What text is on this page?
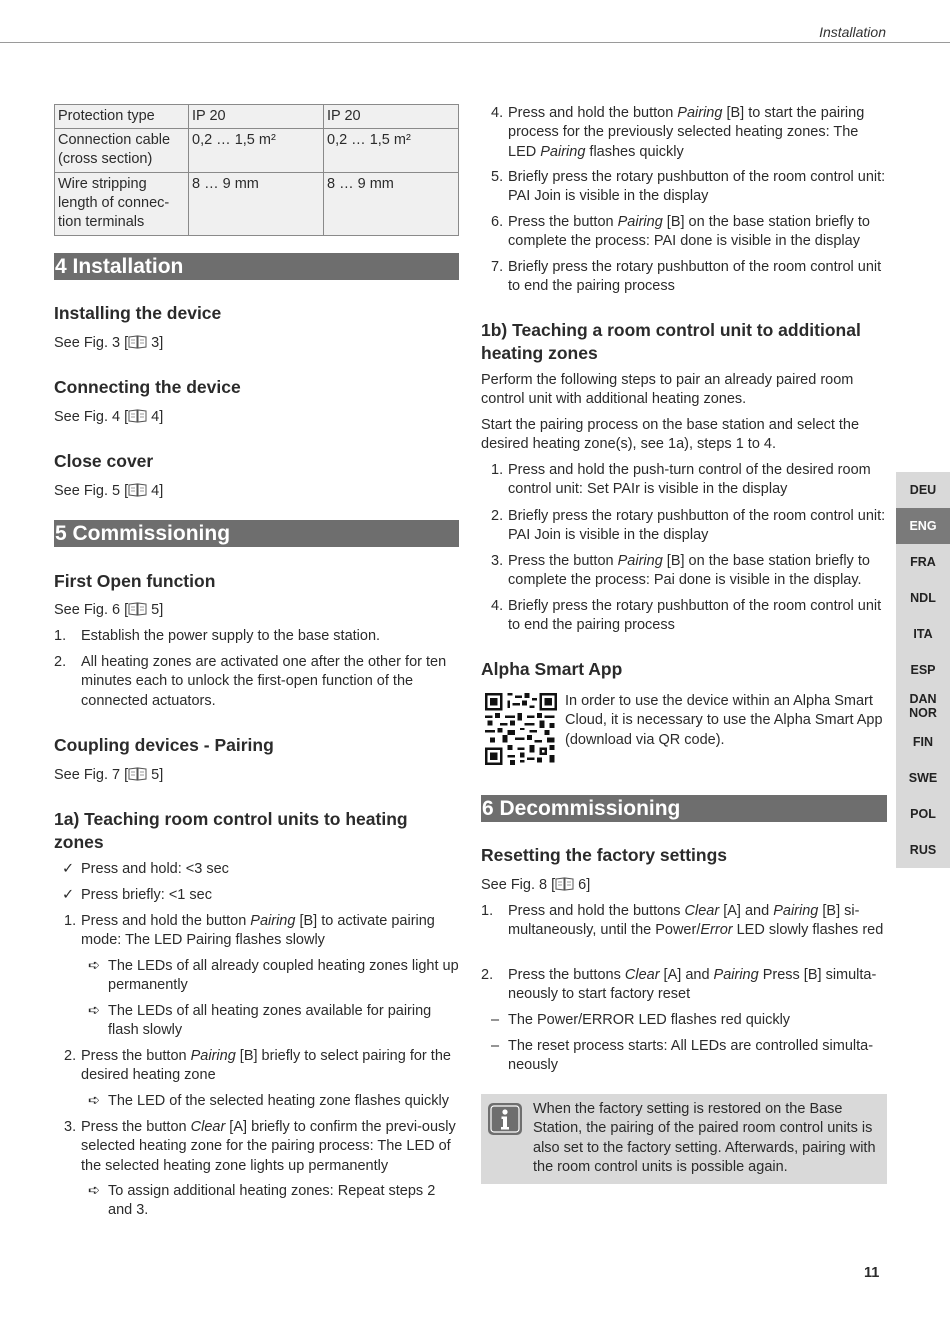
Installation
Protection type	IP 20	IP 20
Connection cable
(cross section)	0,2 … 1,5 m²	0,2 … 1,5 m²
Wire stripping
length of connec-
tion terminals	8 … 9 mm	8 … 9 mm
4 Installation
Installing the device

See Fig. 3 [ 3]

Connecting the device

See Fig. 4 [ 4]

Close cover

See Fig. 5 [ 4]

5 Commissioning
First Open function

See Fig. 6 [ 5]

1.	Establish the power supply to the base station.
2.	All heating zones are activated one after the other for ten minutes each to unlock the first-open function of the connected actuators.
Coupling devices - Pairing

See Fig. 7 [ 5]

1a) Teaching room control units to heating zones
✓ Press and hold: <3 sec
✓ Press briefly: <1 sec
1. Press and hold the button Pairing [B] to activate pairing mode: The LED Pairing flashes slowly
➪ The LEDs of all already coupled heating zones light up permanently
➪ The LEDs of all heating zones available for pairing flash slowly
2. Press the button Pairing [B] briefly to select pairing for the desired heating zone
➪ The LED of the selected heating zone flashes quickly
3. Press the button Clear [A] briefly to confirm the previ-ously selected heating zone for the pairing process: The LED of the selected heating zone lights up permanently
➪ To assign additional heating zones: Repeat steps 2 and 3.
4. Press and hold the button Pairing [B] to start the pairing process for the previously selected heating zones: The LED Pairing flashes quickly
5. Briefly press the rotary pushbutton of the room control unit: PAI Join is visible in the display
6. Press the button Pairing [B] on the base station briefly to complete the process: PAI done is visible in the display
7. Briefly press the rotary pushbutton of the room control unit to end the pairing process
1b) Teaching a room control unit to additional heating zones

Perform the following steps to pair an already paired room control unit with additional heating zones.

Start the pairing process on the base station and select the desired heating zone(s), see 1a), steps 1 to 4.

1. Press and hold the push-turn control of the desired room control unit: Set PAIr is visible in the display
2. Briefly press the rotary pushbutton of the room control unit: PAI Join is visible in the display
3. Press the button Pairing [B] on the base station briefly to complete the process: Pai done is visible in the display.
4. Briefly press the rotary pushbutton of the room control unit to end the pairing process
Alpha Smart App

In order to use the device within an Alpha Smart Cloud, it is necessary to use the Alpha Smart App (download via QR code).

6 Decommissioning
Resetting the factory settings

See Fig. 8 [ 6]

1.	Press and hold the buttons Clear [A] and Pairing [B] si-multaneously, until the Power/Error LED slowly flashes red
2.	Press the buttons Clear [A] and Pairing Press [B] simulta-neously to start factory reset
– The Power/ERROR LED flashes red quickly
– The reset process starts: All LEDs are controlled simulta-neously
When the factory setting is restored on the Base Station, the pairing of the paired room control units is also set to the factory setting. Afterwards, pairing with the room control units is possible again.
DEU
ENG
FRA
NDL
ITA
ESP
DAN
NOR
FIN
SWE
POL
RUS
11
